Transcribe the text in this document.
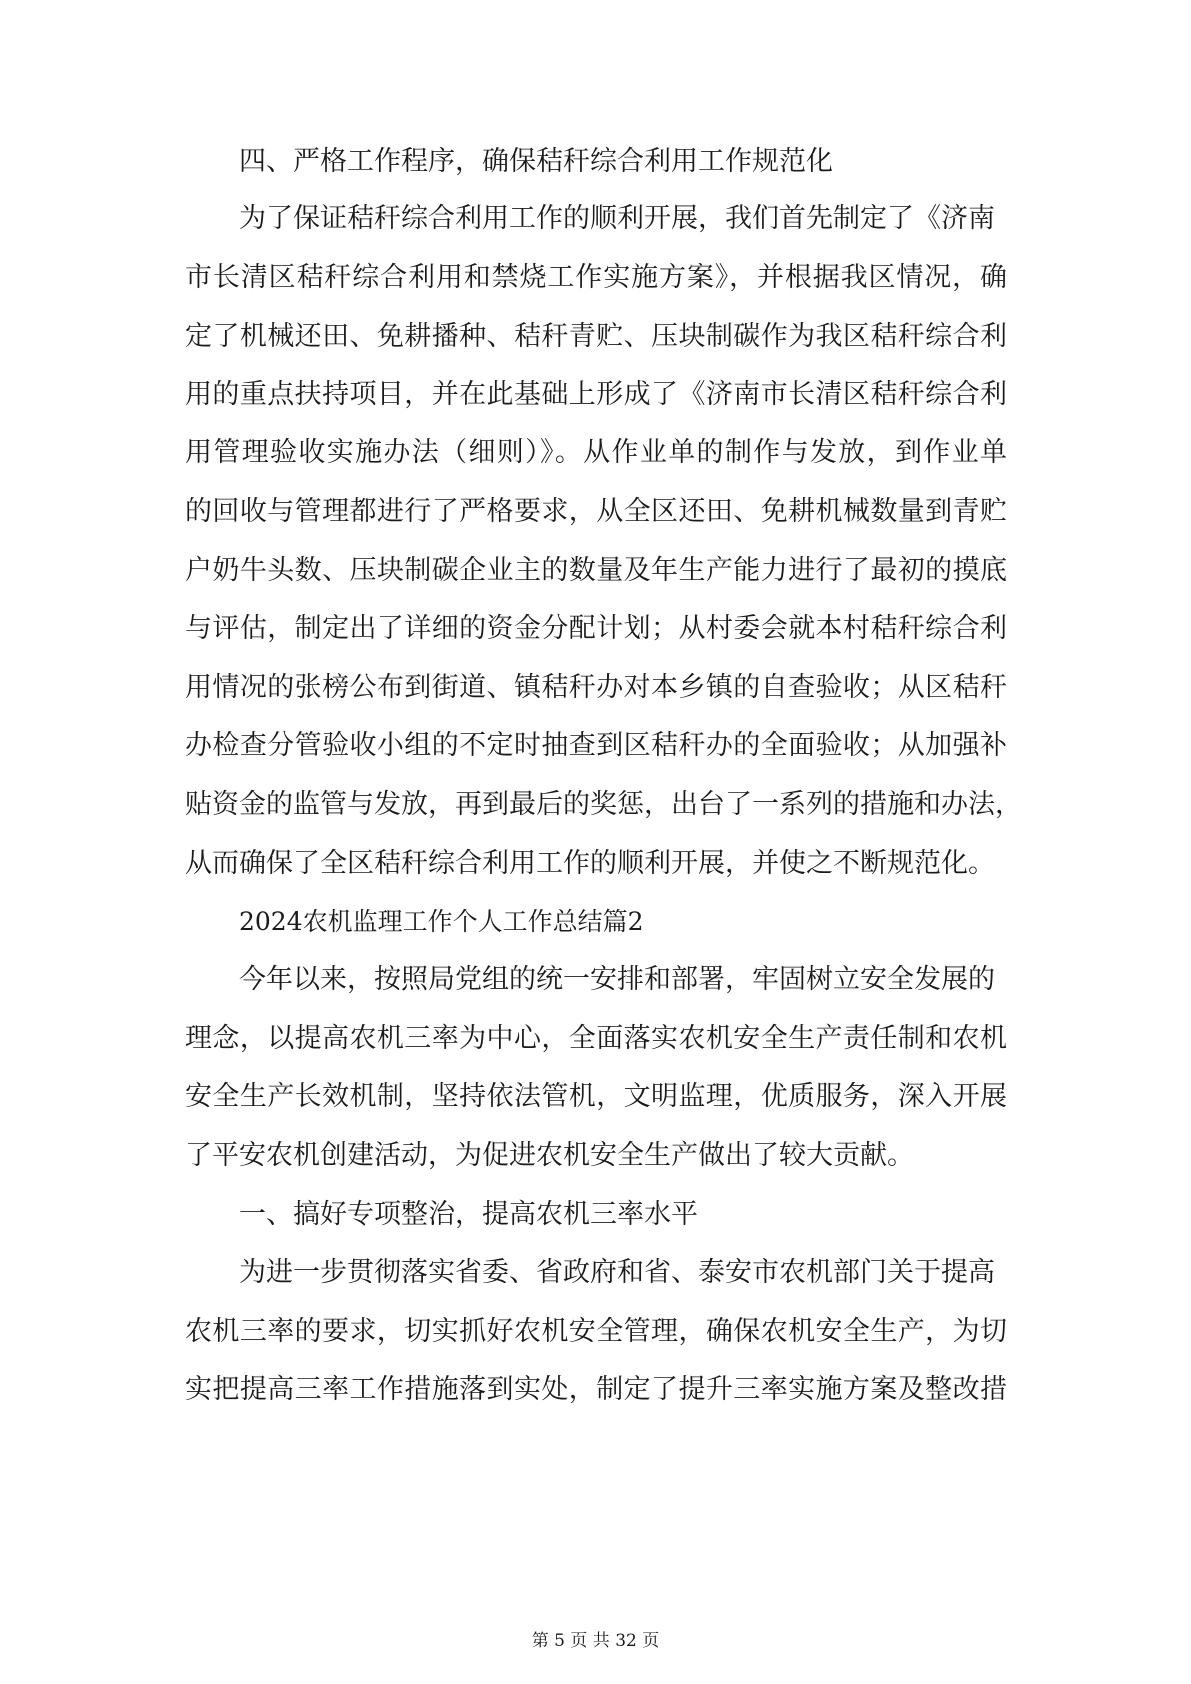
四、严格工作程序，确保秸秆综合利用工作规范化
为了保证秸秆综合利用工作的顺利开展，我们首先制定了《济南
市长清区秸秆综合利用和禁烧工作实施方案》，并根据我区情况，确
定了机械还田、免耕播种、秸秆青贮、压块制碳作为我区秸秆综合利
用的重点扶持项目，并在此基础上形成了《济南市长清区秸秆综合利
用管理验收实施办法（细则）》。从作业单的制作与发放，到作业单
的回收与管理都进行了严格要求，从全区还田、免耕机械数量到青贮
户奶牛头数、压块制碳企业主的数量及年生产能力进行了最初的摸底
与评估，制定出了详细的资金分配计划；从村委会就本村秸秆综合利
用情况的张榜公布到街道、镇秸秆办对本乡镇的自查验收；从区秸秆
办检查分管验收小组的不定时抽查到区秸秆办的全面验收；从加强补
贴资金的监管与发放，再到最后的奖惩，出台了一系列的措施和办法，
从而确保了全区秸秆综合利用工作的顺利开展，并使之不断规范化。
2024农机监理工作个人工作总结篇2
今年以来，按照局党组的统一安排和部署，牢固树立安全发展的
理念，以提高农机三率为中心，全面落实农机安全生产责任制和农机
安全生产长效机制，坚持依法管机，文明监理，优质服务，深入开展
了平安农机创建活动，为促进农机安全生产做出了较大贡献。
一、搞好专项整治，提高农机三率水平
为进一步贯彻落实省委、省政府和省、泰安市农机部门关于提高
农机三率的要求，切实抓好农机安全管理，确保农机安全生产，为切
实把提高三率工作措施落到实处，制定了提升三率实施方案及整改措
第 5 页 共 32 页
